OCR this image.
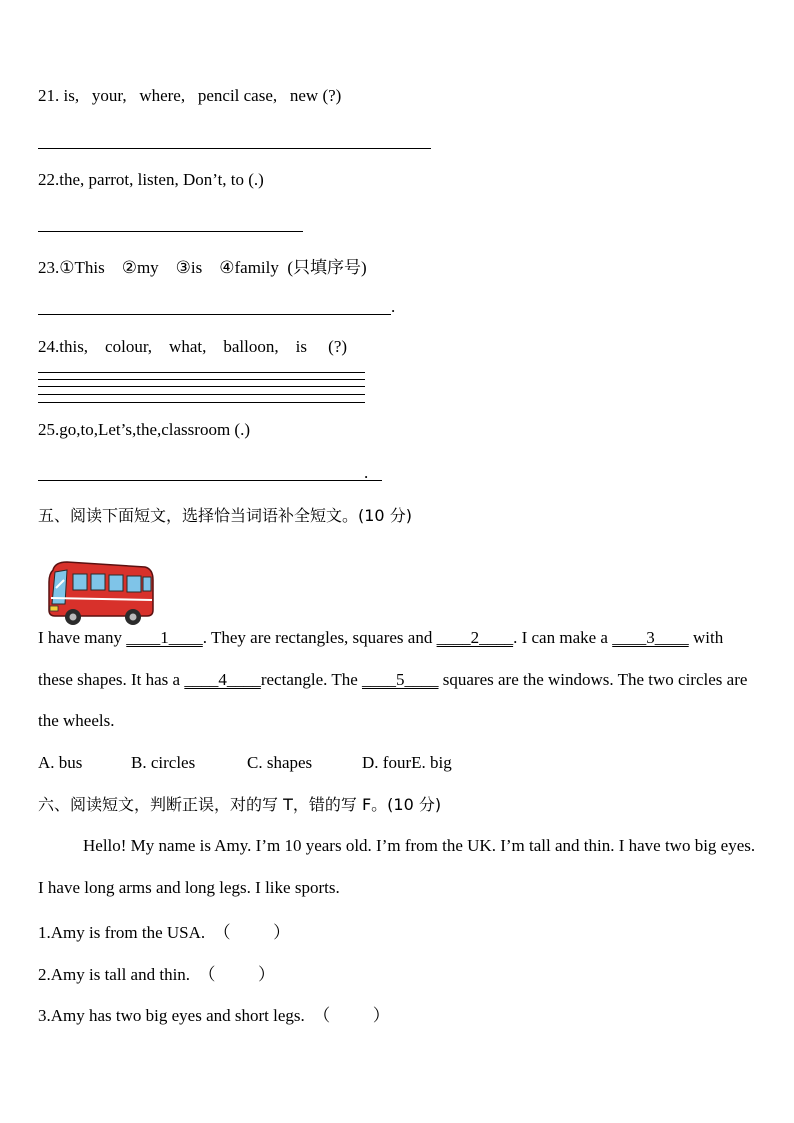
21. is,   your,   where,   pencil case,   new (?)
22.the, parrot, listen, Don’t, to (.)
23.①This    ②my    ③is    ④family  (只填序号)
.
24.this,    colour,    what,    balloon,    is     (?)
25.go,to,Let’s,the,classroom (.)
.
五、阅读下面短文，选择恰当词语补全短文。(10 分)

I have many ____1____. They are rectangles, squares and ____2____. I can make a ____3____ with these shapes. It has a ____4____rectangle. The ____5____ squares are the windows. The two circles are the wheels.
A. bus	B. circles	C. shapes	D. fourE. big
六、阅读短文，判断正误，对的写 T，错的写 F。(10 分)
Hello! My name is Amy. I’m 10 years old. I’m from the UK. I’m tall and thin. I have two big eyes. I have long arms and long legs. I like sports.
1.Amy is from the USA.  （          ）
2.Amy is tall and thin.  （          ）
3.Amy has two big eyes and short legs.  （          ）
